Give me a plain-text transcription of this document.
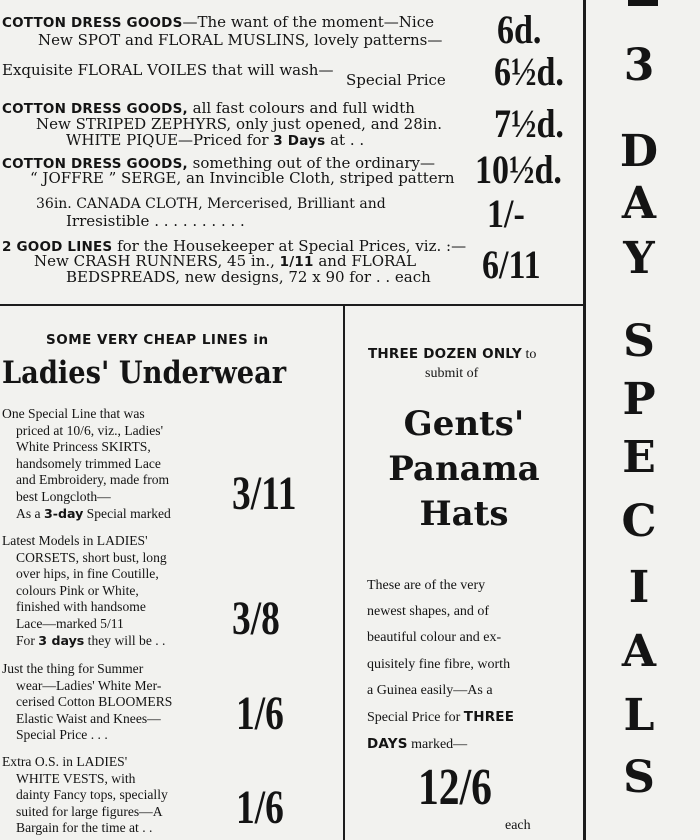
COTTON DRESS GOODS—The want of the moment—Nice
New SPOT and FLORAL MUSLINS, lovely patterns— 6d.
Exquisite FLORAL VOILES that will wash—
Special Price 6½d.
COTTON DRESS GOODS, all fast colours and full width
New STRIPED ZEPHYRS, only just opened, and 28in.
WHITE PIQUE—Priced for 3 Days at . .	7½d.
COTTON DRESS GOODS, something out of the ordinary—
“ JOFFRE ” SERGE, an Invincible Cloth, striped pattern 10½d.
36in. CANADA CLOTH, Mercerised, Brilliant and
Irresistible . . . . . . . . . .	1/-
2 GOOD LINES for the Housekeeper at Special Prices, viz. :—
New CRASH RUNNERS, 45 in., 1/11 and FLORAL
BEDSPREADS, new designs, 72 x 90 for . . each 6/11
SOME VERY CHEAP LINES in
Ladies' Underwear
One Special Line that was
priced at 10/6, viz., Ladies'
White Princess SKIRTS,
handsomely trimmed Lace
and Embroidery, made from
best Longcloth—
As a 3-day Special marked 3/11
Latest Models in LADIES'
CORSETS, short bust, long
over hips, in fine Coutille,
colours Pink or White,
finished with handsome
Lace—marked 5/11
For 3 days they will be . . 3/8
Just the thing for Summer
wear—Ladies' White Mer-
cerised Cotton BLOOMERS
Elastic Waist and Knees—
Special Price . . .	1/6
Extra O.S. in LADIES'
WHITE VESTS, with
dainty Fancy tops, specially
suited for large figures—A
Bargain for the time at . .	1/6
THREE DOZEN ONLY to
submit of
Gents'
Panama
Hats
These are of the very
newest shapes, and of
beautiful colour and ex-
quisitely fine fibre, worth
a Guinea easily—As a
Special Price for THREE
DAYS marked—
12/6
each
3
D
A
Y
S
P
E
C
I
A
L
S
